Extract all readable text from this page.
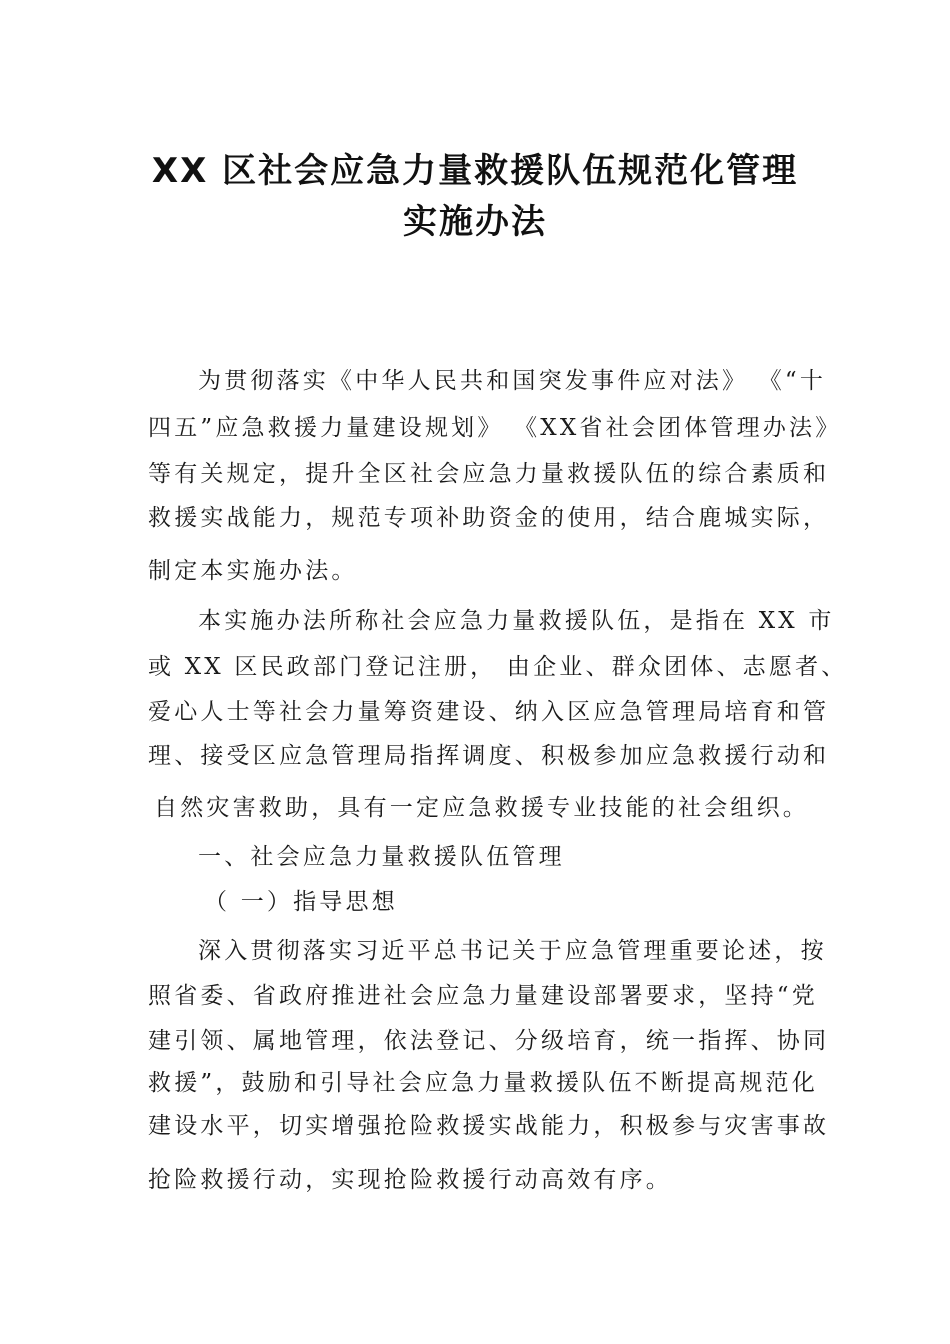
XX 区社会应急力量救援队伍规范化管理
实施办法
为贯彻落实《中华人民共和国突发事件应对法》 《“十
四五”应急救援力量建设规划》 《XX省社会团体管理办法》
等有关规定，提升全区社会应急力量救援队伍的综合素质和
救援实战能力，规范专项补助资金的使用，结合鹿城实际，
制定本实施办法。
本实施办法所称社会应急力量救援队伍，是指在 XX 市
或 XX 区民政部门登记注册， 由企业、群众团体、志愿者、
爱心人士等社会力量筹资建设、纳入区应急管理局培育和管
理、接受区应急管理局指挥调度、积极参加应急救援行动和
自然灾害救助，具有一定应急救援专业技能的社会组织。
一、社会应急力量救援队伍管理
（ 一）指导思想
深入贯彻落实习近平总书记关于应急管理重要论述，按
照省委、省政府推进社会应急力量建设部署要求，坚持“党
建引领、属地管理，依法登记、分级培育，统一指挥、协同
救援”，鼓励和引导社会应急力量救援队伍不断提高规范化
建设水平，切实增强抢险救援实战能力，积极参与灾害事故
抢险救援行动，实现抢险救援行动高效有序。
